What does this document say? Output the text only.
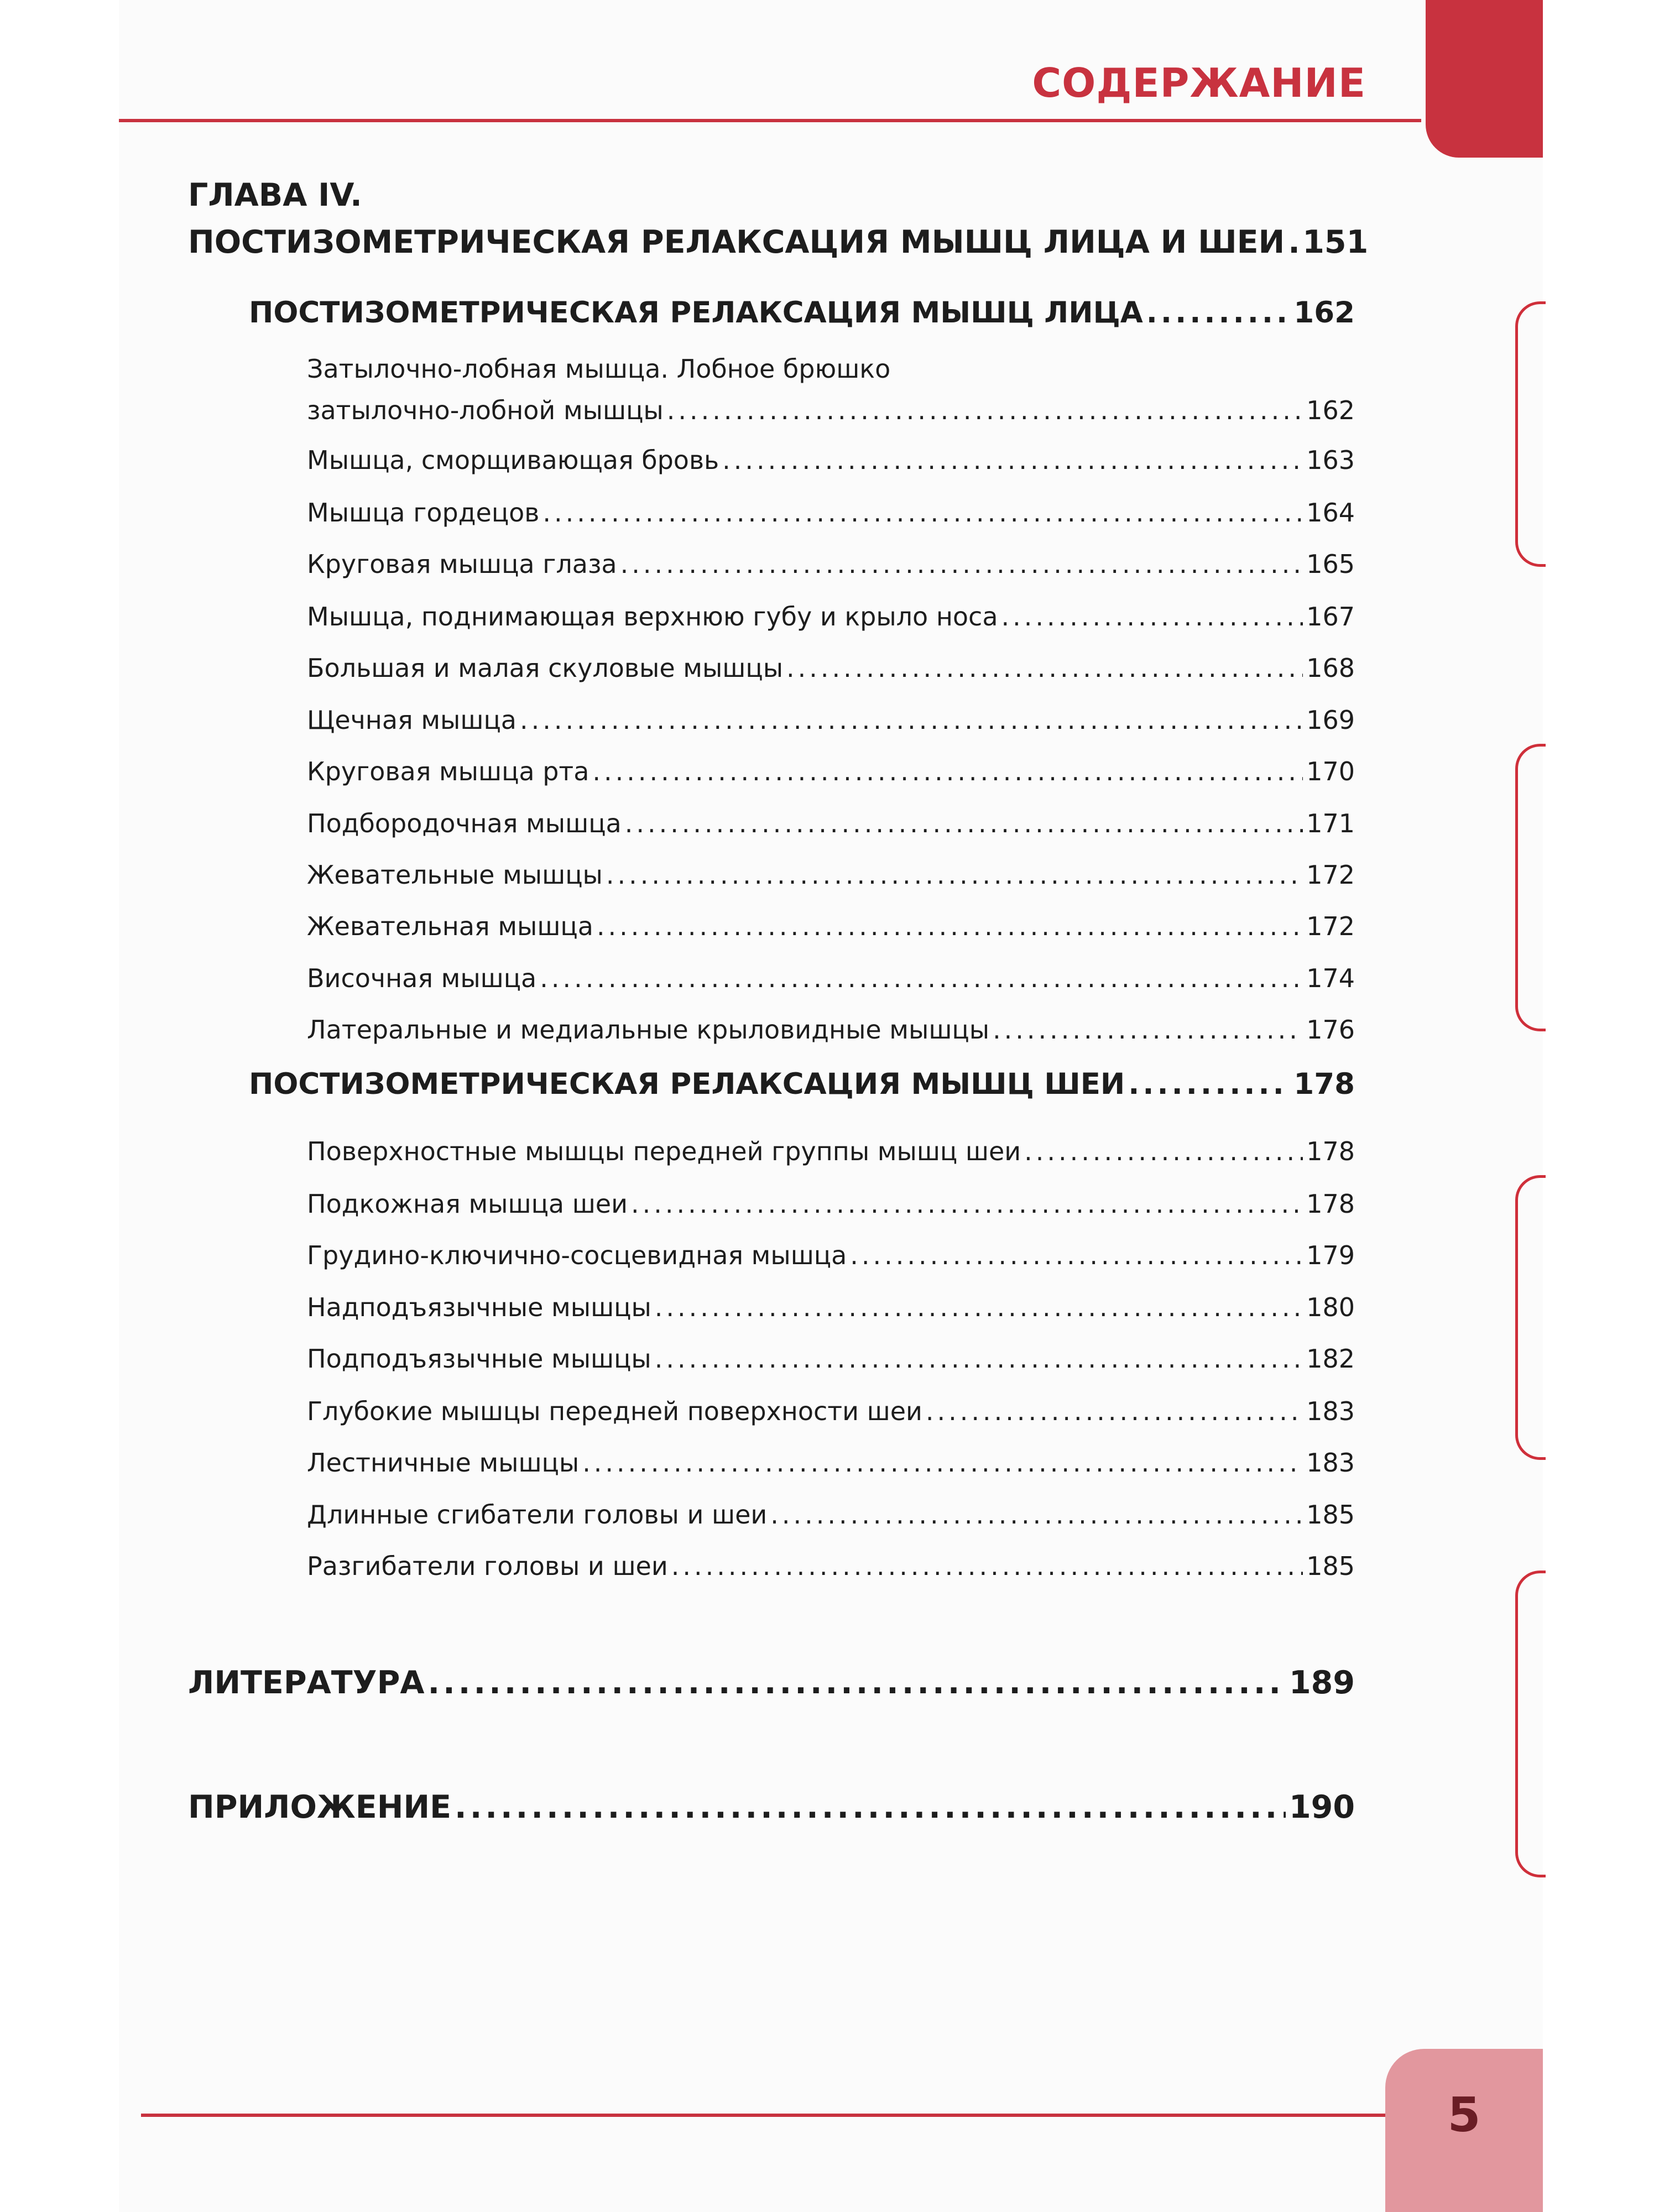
СОДЕРЖАНИЕ
ГЛАВА IV.
ПОСТИЗОМЕТРИЧЕСКАЯ РЕЛАКСАЦИЯ МЫШЦ ЛИЦА И ШЕИ ..... 151
ПОСТИЗОМЕТРИЧЕСКАЯ РЕЛАКСАЦИЯ МЫШЦ ЛИЦА .....	162
Затылочно-лобная мышца. Лобное брюшко
затылочно-лобной мышцы .....	162
Мышца, сморщивающая бровь .....	163
Мышца гордецов .....	164
Круговая мышца глаза .....	165
Мышца, поднимающая верхнюю губу и крыло носа .....	167
Большая и малая скуловые мышцы .....	168
Щечная мышца .....	169
Круговая мышца рта .....	170
Подбородочная мышца .....	171
Жевательные мышцы .....	172
Жевательная мышца .....	172
Височная мышца .....	174
Латеральные и медиальные крыловидные мышцы .....	176
ПОСТИЗОМЕТРИЧЕСКАЯ РЕЛАКСАЦИЯ МЫШЦ ШЕИ .....	178
Поверхностные мышцы передней группы мышц шеи .....	178
Подкожная мышца шеи .....	178
Грудино-ключично-сосцевидная мышца .....	179
Надподъязычные мышцы .....	180
Подподъязычные мышцы .....	182
Глубокие мышцы передней поверхности шеи .....	183
Лестничные мышцы .....	183
Длинные сгибатели головы и шеи .....	185
Разгибатели головы и шеи .....	185
ЛИТЕРАТУРА .....	189
ПРИЛОЖЕНИЕ .....	190
5
